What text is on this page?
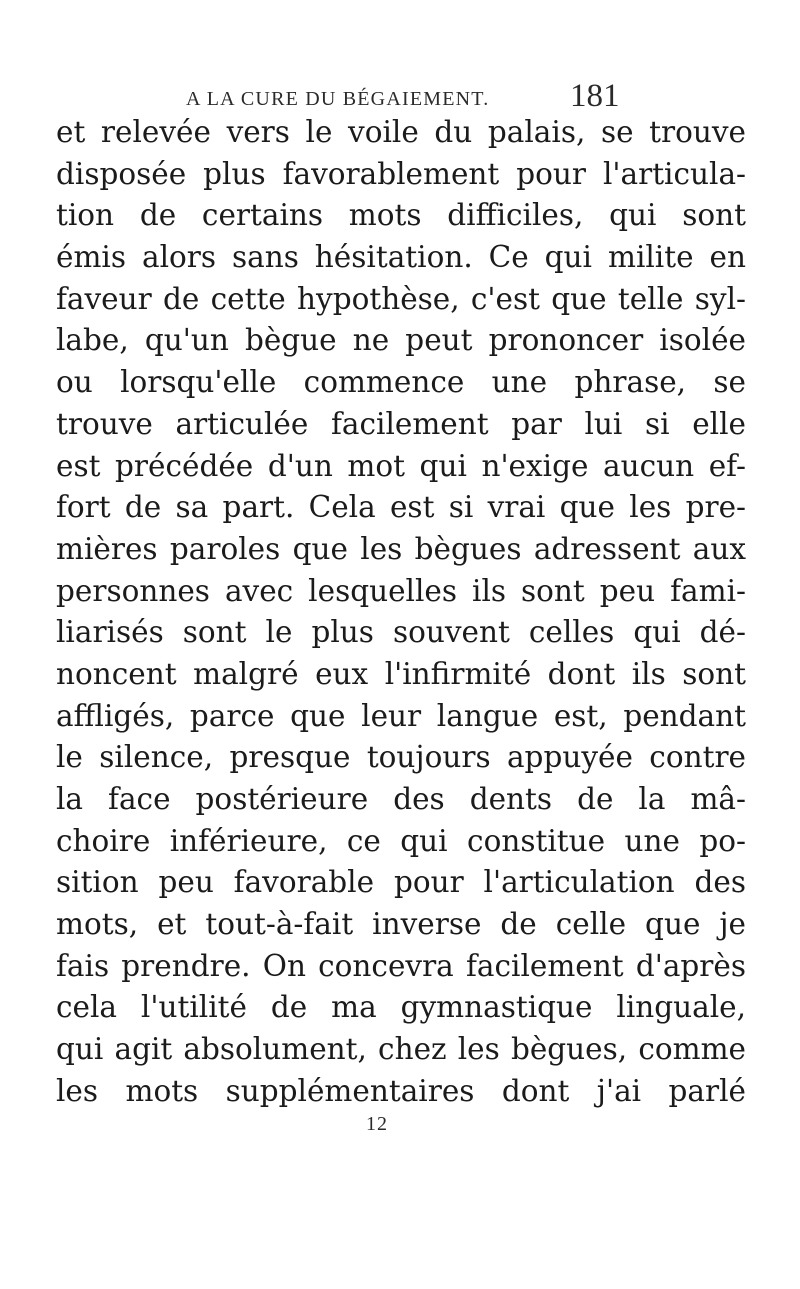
A LA CURE DU BÉGAIEMENT.	181
et relevée vers le voile du palais, se trouve
disposée plus favorablement pour l'articula-
tion de certains mots difficiles, qui sont
émis alors sans hésitation. Ce qui milite en
faveur de cette hypothèse, c'est que telle syl-
labe, qu'un bègue ne peut prononcer isolée
ou lorsqu'elle commence une phrase, se
trouve articulée facilement par lui si elle
est précédée d'un mot qui n'exige aucun ef-
fort de sa part. Cela est si vrai que les pre-
mières paroles que les bègues adressent aux
personnes avec lesquelles ils sont peu fami-
liarisés sont le plus souvent celles qui dé-
noncent malgré eux l'infirmité dont ils sont
affligés, parce que leur langue est, pendant
le silence, presque toujours appuyée contre
la face postérieure des dents de la mâ-
choire inférieure, ce qui constitue une po-
sition peu favorable pour l'articulation des
mots, et tout-à-fait inverse de celle que je
fais prendre. On concevra facilement d'après
cela l'utilité de ma gymnastique linguale,
qui agit absolument, chez les bègues, comme
les mots supplémentaires dont j'ai parlé
12
